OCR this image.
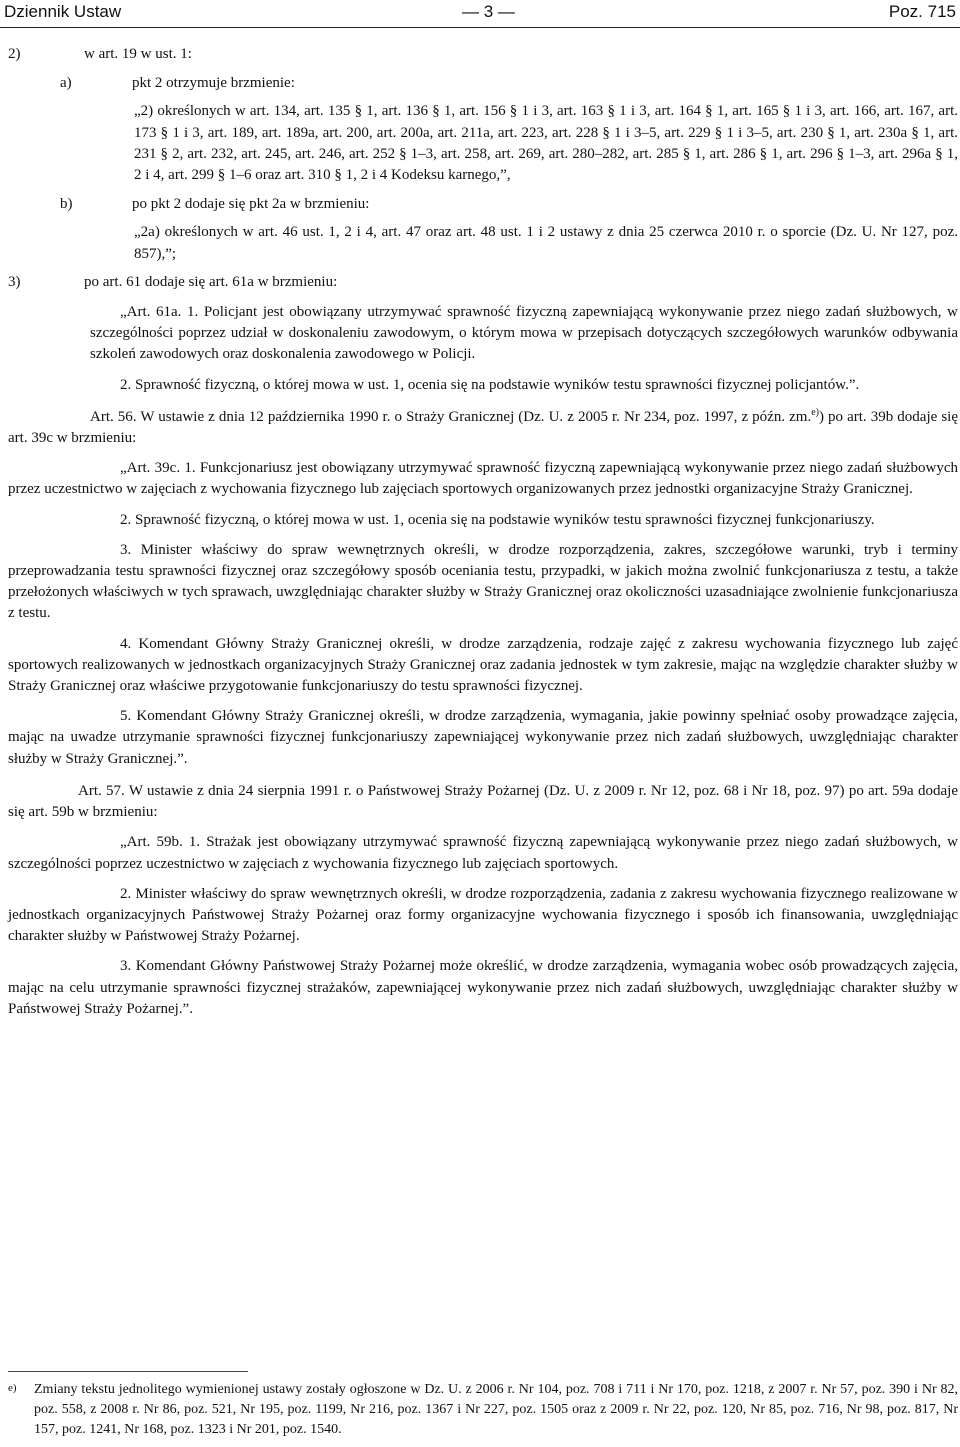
Dziennik Ustaw	— 3 —	Poz. 715
2)	w art. 19 w ust. 1:
a)	pkt 2 otrzymuje brzmienie:

„2) określonych w art. 134, art. 135 § 1, art. 136 § 1, art. 156 § 1 i 3, art. 163 § 1 i 3, art. 164 § 1, art. 165 § 1 i 3, art. 166, art. 167, art. 173 § 1 i 3, art. 189, art. 189a, art. 200, art. 200a, art. 211a, art. 223, art. 228 § 1 i 3–5, art. 229 § 1 i 3–5, art. 230 § 1, art. 230a § 1, art. 231 § 2, art. 232, art. 245, art. 246, art. 252 § 1–3, art. 258, art. 269, art. 280–282, art. 285 § 1, art. 286 § 1, art. 296 § 1–3, art. 296a § 1, 2 i 4, art. 299 § 1–6 oraz art. 310 § 1, 2 i 4 Kodeksu karnego,”,

b)	po pkt 2 dodaje się pkt 2a w brzmieniu:

„2a) określonych w art. 46 ust. 1, 2 i 4, art. 47 oraz art. 48 ust. 1 i 2 ustawy z dnia 25 czerwca 2010 r. o sporcie (Dz. U. Nr 127, poz. 857),”;

3)	po art. 61 dodaje się art. 61a w brzmieniu:

„Art. 61a. 1. Policjant jest obowiązany utrzymywać sprawność fizyczną zapewniającą wykonywanie przez niego zadań służbowych, w szczególności poprzez udział w doskonaleniu zawodowym, o którym mowa w przepisach dotyczących szczegółowych warunków odbywania szkoleń zawodowych oraz doskonalenia zawodowego w Policji.

2. Sprawność fizyczną, o której mowa w ust. 1, ocenia się na podstawie wyników testu sprawności fizycznej policjantów.”.

Art. 56. W ustawie z dnia 12 października 1990 r. o Straży Granicznej (Dz. U. z 2005 r. Nr 234, poz. 1997, z późn. zm.$^{e)}$) po art. 39b dodaje się art. 39c w brzmieniu:

„Art. 39c. 1. Funkcjonariusz jest obowiązany utrzymywać sprawność fizyczną zapewniającą wykonywanie przez niego zadań służbowych przez uczestnictwo w zajęciach z wychowania fizycznego lub zajęciach sportowych organizowanych przez jednostki organizacyjne Straży Granicznej.

2. Sprawność fizyczną, o której mowa w ust. 1, ocenia się na podstawie wyników testu sprawności fizycznej funkcjonariuszy.

3. Minister właściwy do spraw wewnętrznych określi, w drodze rozporządzenia, zakres, szczegółowe warunki, tryb i terminy przeprowadzania testu sprawności fizycznej oraz szczegółowy sposób oceniania testu, przypadki, w jakich można zwolnić funkcjonariusza z testu, a także przełożonych właściwych w tych sprawach, uwzględniając charakter służby w Straży Granicznej oraz okoliczności uzasadniające zwolnienie funkcjonariusza z testu.

4. Komendant Główny Straży Granicznej określi, w drodze zarządzenia, rodzaje zajęć z zakresu wychowania fizycznego lub zajęć sportowych realizowanych w jednostkach organizacyjnych Straży Granicznej oraz zadania jednostek w tym zakresie, mając na względzie charakter służby w Straży Granicznej oraz właściwe przygotowanie funkcjonariuszy do testu sprawności fizycznej.

5. Komendant Główny Straży Granicznej określi, w drodze zarządzenia, wymagania, jakie powinny spełniać osoby prowadzące zajęcia, mając na uwadze utrzymanie sprawności fizycznej funkcjonariuszy zapewniającej wykonywanie przez nich zadań służbowych, uwzględniając charakter służby w Straży Granicznej.”.

Art. 57. W ustawie z dnia 24 sierpnia 1991 r. o Państwowej Straży Pożarnej (Dz. U. z 2009 r. Nr 12, poz. 68 i Nr 18, poz. 97) po art. 59a dodaje się art. 59b w brzmieniu:

„Art. 59b. 1. Strażak jest obowiązany utrzymywać sprawność fizyczną zapewniającą wykonywanie przez niego zadań służbowych, w szczególności poprzez uczestnictwo w zajęciach z wychowania fizycznego lub zajęciach sportowych.

2. Minister właściwy do spraw wewnętrznych określi, w drodze rozporządzenia, zadania z zakresu wychowania fizycznego realizowane w jednostkach organizacyjnych Państwowej Straży Pożarnej oraz formy organizacyjne wychowania fizycznego i sposób ich finansowania, uwzględniając charakter służby w Państwowej Straży Pożarnej.

3. Komendant Główny Państwowej Straży Pożarnej może określić, w drodze zarządzenia, wymagania wobec osób prowadzących zajęcia, mając na celu utrzymanie sprawności fizycznej strażaków, zapewniającej wykonywanie przez nich zadań służbowych, uwzględniając charakter służby w Państwowej Straży Pożarnej.”.

e) Zmiany tekstu jednolitego wymienionej ustawy zostały ogłoszone w Dz. U. z 2006 r. Nr 104, poz. 708 i 711 i Nr 170, poz. 1218, z 2007 r. Nr 57, poz. 390 i Nr 82, poz. 558, z 2008 r. Nr 86, poz. 521, Nr 195, poz. 1199, Nr 216, poz. 1367 i Nr 227, poz. 1505 oraz z 2009 r. Nr 22, poz. 120, Nr 85, poz. 716, Nr 98, poz. 817, Nr 157, poz. 1241, Nr 168, poz. 1323 i Nr 201, poz. 1540.
